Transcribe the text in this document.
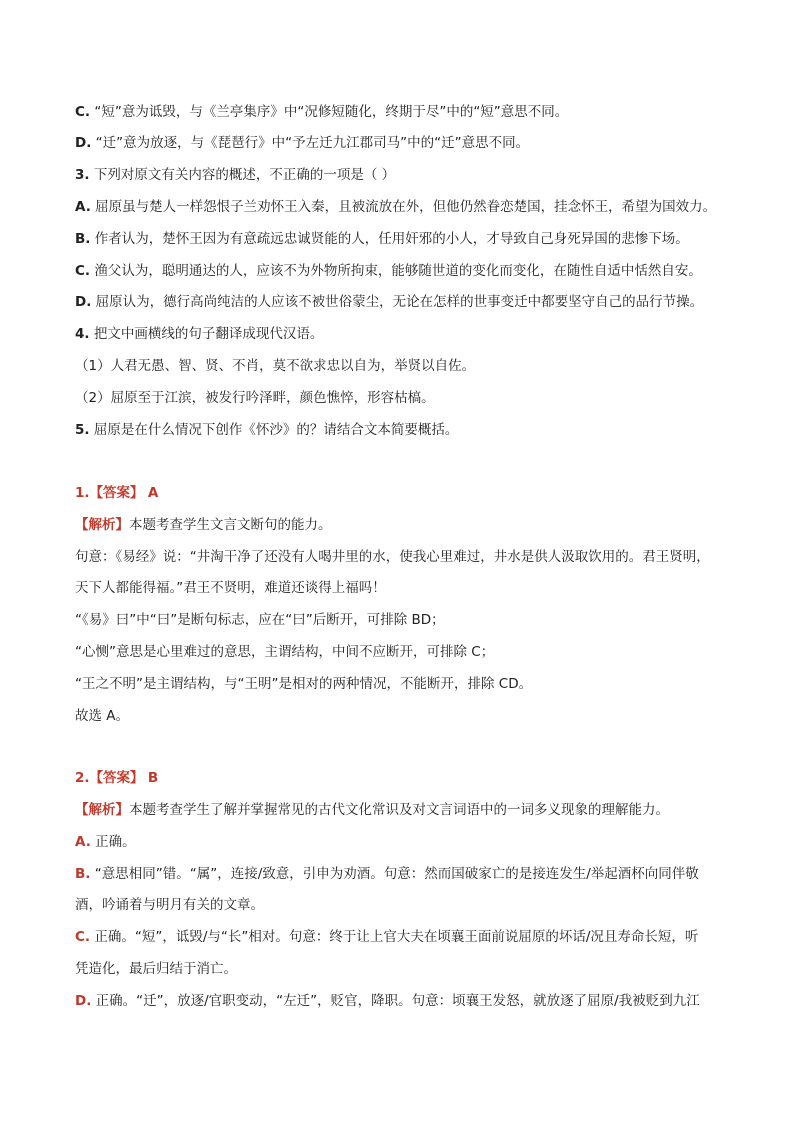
C. “短”意为诋毁，与《兰亭集序》中“况修短随化，终期于尽”中的“短”意思不同。
D. “迁”意为放逐，与《琵琶行》中“予左迁九江郡司马”中的“迁”意思不同。
3. 下列对原文有关内容的概述，不正确的一项是（ ）
A. 屈原虽与楚人一样怨恨子兰劝怀王入秦，且被流放在外，但他仍然眷恋楚国，挂念怀王，希望为国效力。
B. 作者认为，楚怀王因为有意疏远忠诚贤能的人，任用奸邪的小人，才导致自己身死异国的悲惨下场。
C. 渔父认为，聪明通达的人，应该不为外物所拘束，能够随世道的变化而变化，在随性自适中恬然自安。
D. 屈原认为，德行高尚纯洁的人应该不被世俗蒙尘，无论在怎样的世事变迁中都要坚守自己的品行节操。
4. 把文中画横线的句子翻译成现代汉语。
（1）人君无愚、智、贤、不肖，莫不欲求忠以自为，举贤以自佐。
（2）屈原至于江滨，被发行吟泽畔，颜色憔悴，形容枯槁。
5. 屈原是在什么情况下创作《怀沙》的？请结合文本简要概括。
1.【答案】 A
【解析】本题考查学生文言文断句的能力。
句意：《易经》说：“井淘干净了还没有人喝井里的水，使我心里难过，井水是供人汲取饮用的。君王贤明，
天下人都能得福。”君王不贤明，难道还谈得上福吗！
“《易》曰”中“曰”是断句标志，应在“曰”后断开，可排除 BD；
“心恻”意思是心里难过的意思，主谓结构，中间不应断开，可排除 C；
“王之不明”是主谓结构，与“王明”是相对的两种情况，不能断开，排除 CD。
故选 A。
2.【答案】 B
【解析】本题考查学生了解并掌握常见的古代文化常识及对文言词语中的一词多义现象的理解能力。
A. 正确。
B. “意思相同”错。“属”，连接/致意，引申为劝酒。句意：然而国破家亡的是接连发生/举起酒杯向同伴敬
酒，吟诵着与明月有关的文章。
C. 正确。“短”，诋毁/与“长”相对。句意：终于让上官大夫在顷襄王面前说屈原的坏话/况且寿命长短，听
凭造化，最后归结于消亡。
D. 正确。“迁”，放逐/官职变动，“左迁”，贬官，降职。句意：顷襄王发怒，就放逐了屈原/我被贬到九江
